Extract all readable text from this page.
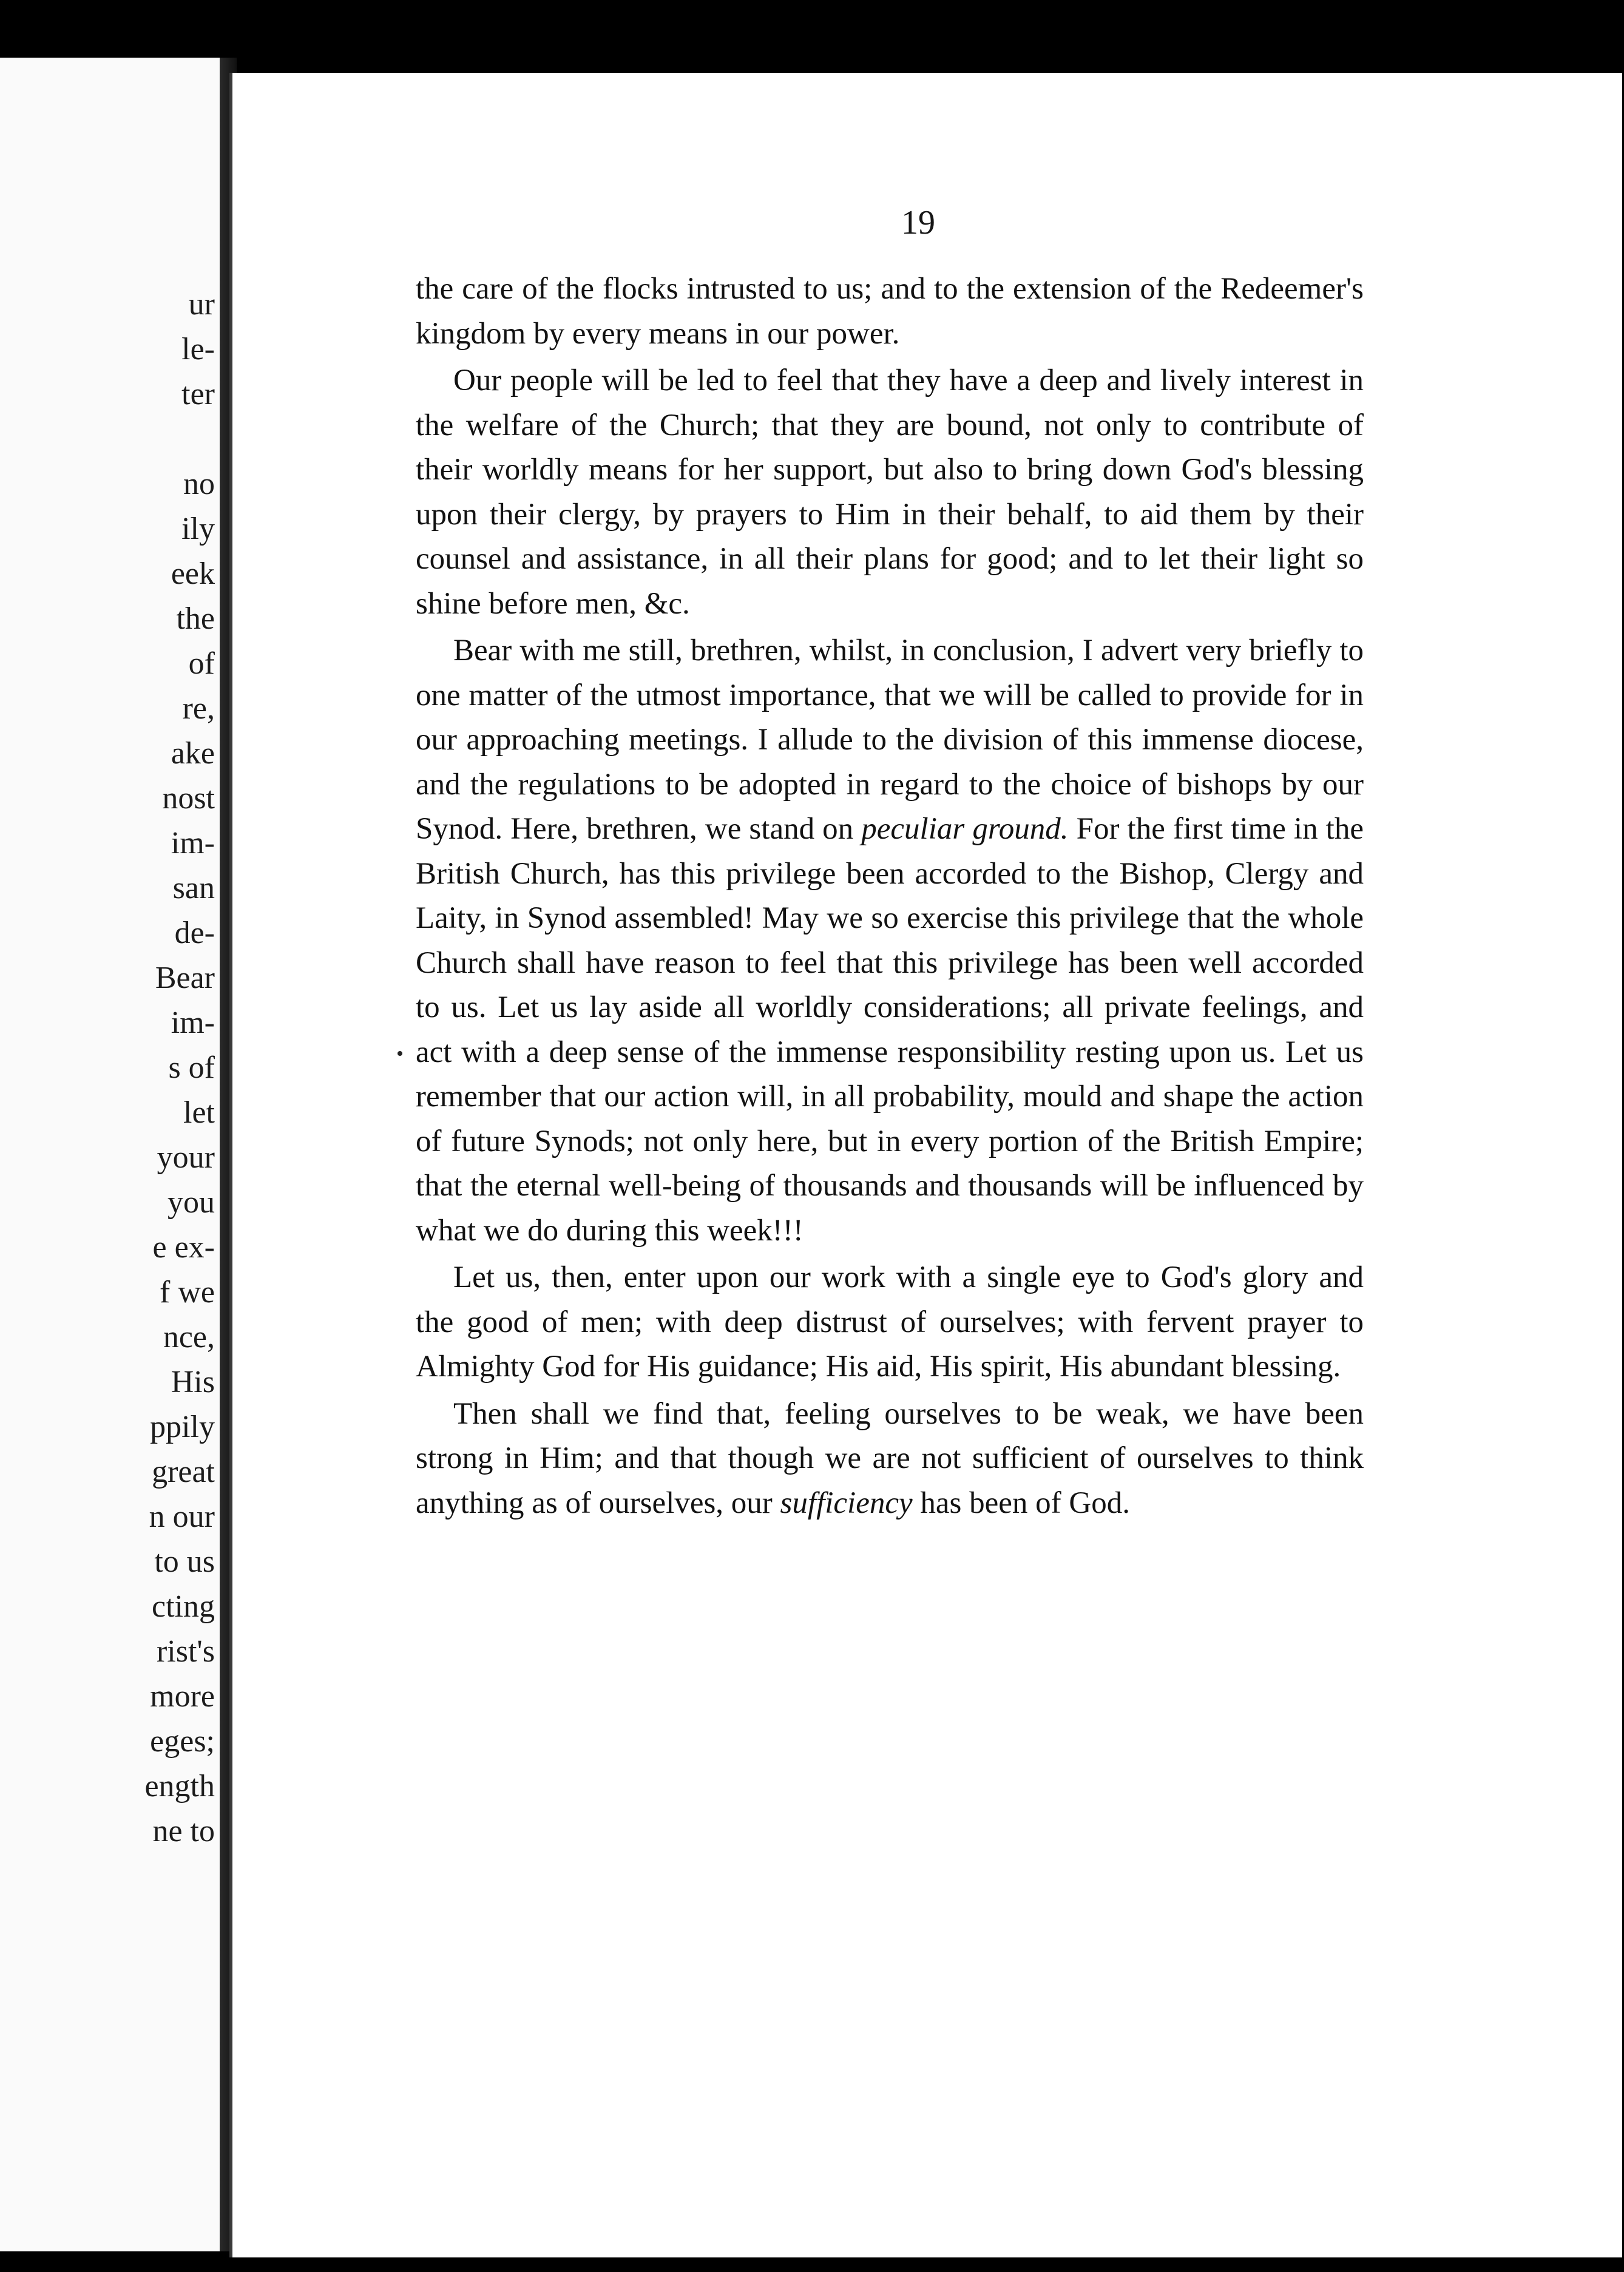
ur
le-
ter

no
ily
eek
the
of
re,
ake
nost
im-
san
de-
Bear
im-
s of
let
your
you
e ex-
f we
nce,
His
ppily
great
n our
to us
cting
rist's
more
eges;
ength
ne to
19

the care of the flocks intrusted to us; and to the extension of the Redeemer's kingdom by every means in our power.

Our people will be led to feel that they have a deep and lively interest in the welfare of the Church; that they are bound, not only to contribute of their worldly means for her support, but also to bring down God's blessing upon their clergy, by prayers to Him in their behalf, to aid them by their counsel and assistance, in all their plans for good; and to let their light so shine before men, &c.

Bear with me still, brethren, whilst, in conclusion, I advert very briefly to one matter of the utmost importance, that we will be called to provide for in our approaching meetings. I allude to the division of this immense diocese, and the regulations to be adopted in regard to the choice of bishops by our Synod. Here, brethren, we stand on peculiar ground. For the first time in the British Church, has this privilege been accorded to the Bishop, Clergy and Laity, in Synod assembled! May we so exercise this privilege that the whole Church shall have reason to feel that this privilege has been well accorded to us. Let us lay aside all worldly considerations; all private feelings, and act with a deep sense of the immense responsibility resting upon us. Let us remember that our action will, in all probability, mould and shape the action of future Synods; not only here, but in every portion of the British Empire; that the eternal well-being of thousands and thousands will be influenced by what we do during this week!!!

Let us, then, enter upon our work with a single eye to God's glory and the good of men; with deep distrust of ourselves; with fervent prayer to Almighty God for His guidance; His aid, His spirit, His abundant blessing.

Then shall we find that, feeling ourselves to be weak, we have been strong in Him; and that though we are not sufficient of ourselves to think anything as of ourselves, our sufficiency has been of God.
